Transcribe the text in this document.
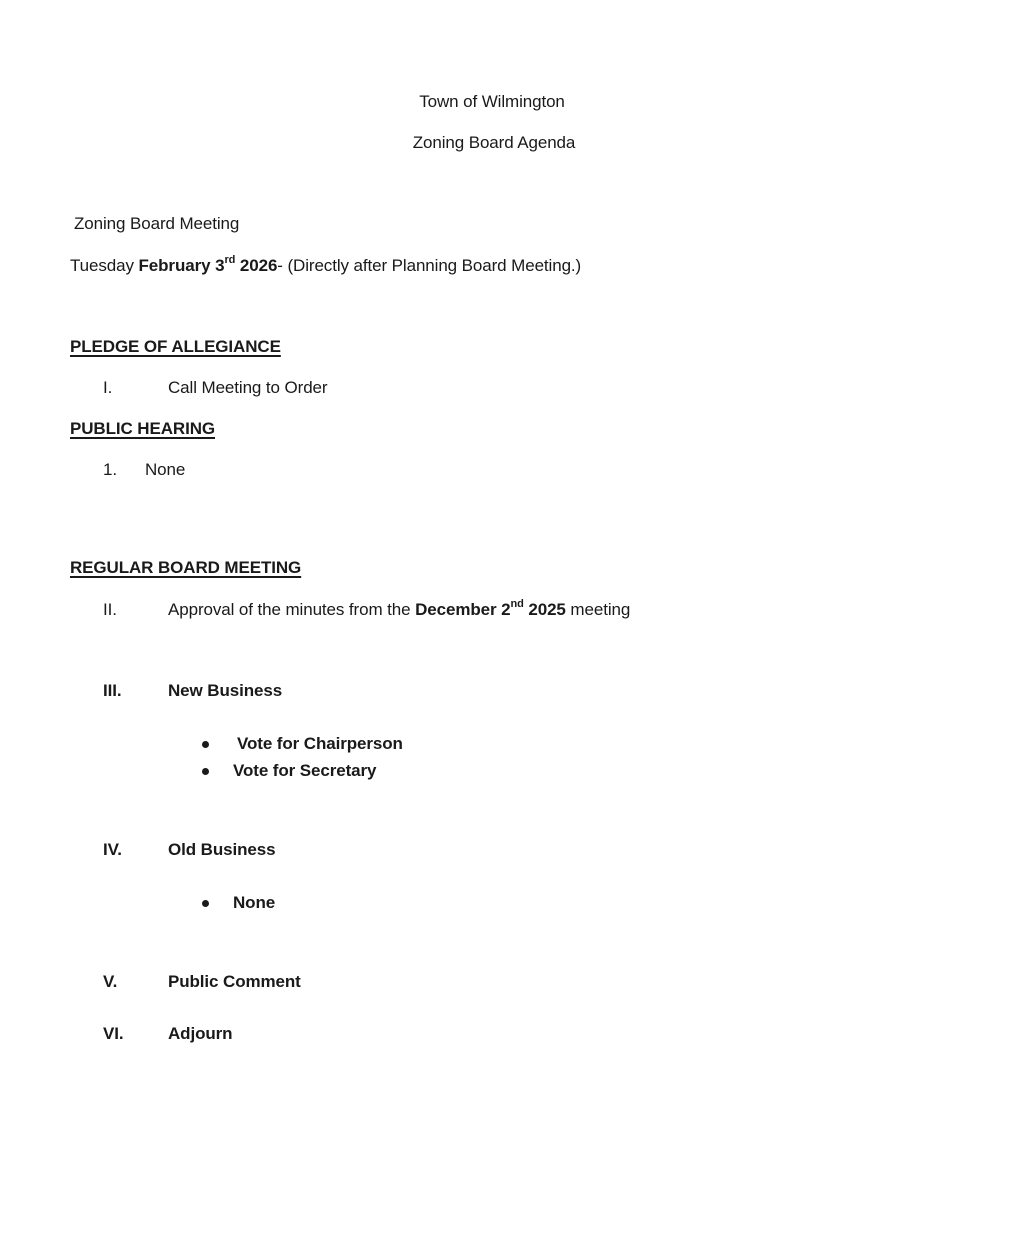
Town of Wilmington
Zoning Board Agenda
Zoning Board Meeting
Tuesday February 3rd 2026- (Directly after Planning Board Meeting.)
PLEDGE OF ALLEGIANCE
I.	Call Meeting to Order
PUBLIC HEARING
1. None
REGULAR BOARD MEETING
II.	Approval of the minutes from the December 2nd 2025 meeting
III.	New Business
Vote for Chairperson
Vote for Secretary
IV.	Old Business
None
V.	Public Comment
VI.	Adjourn
